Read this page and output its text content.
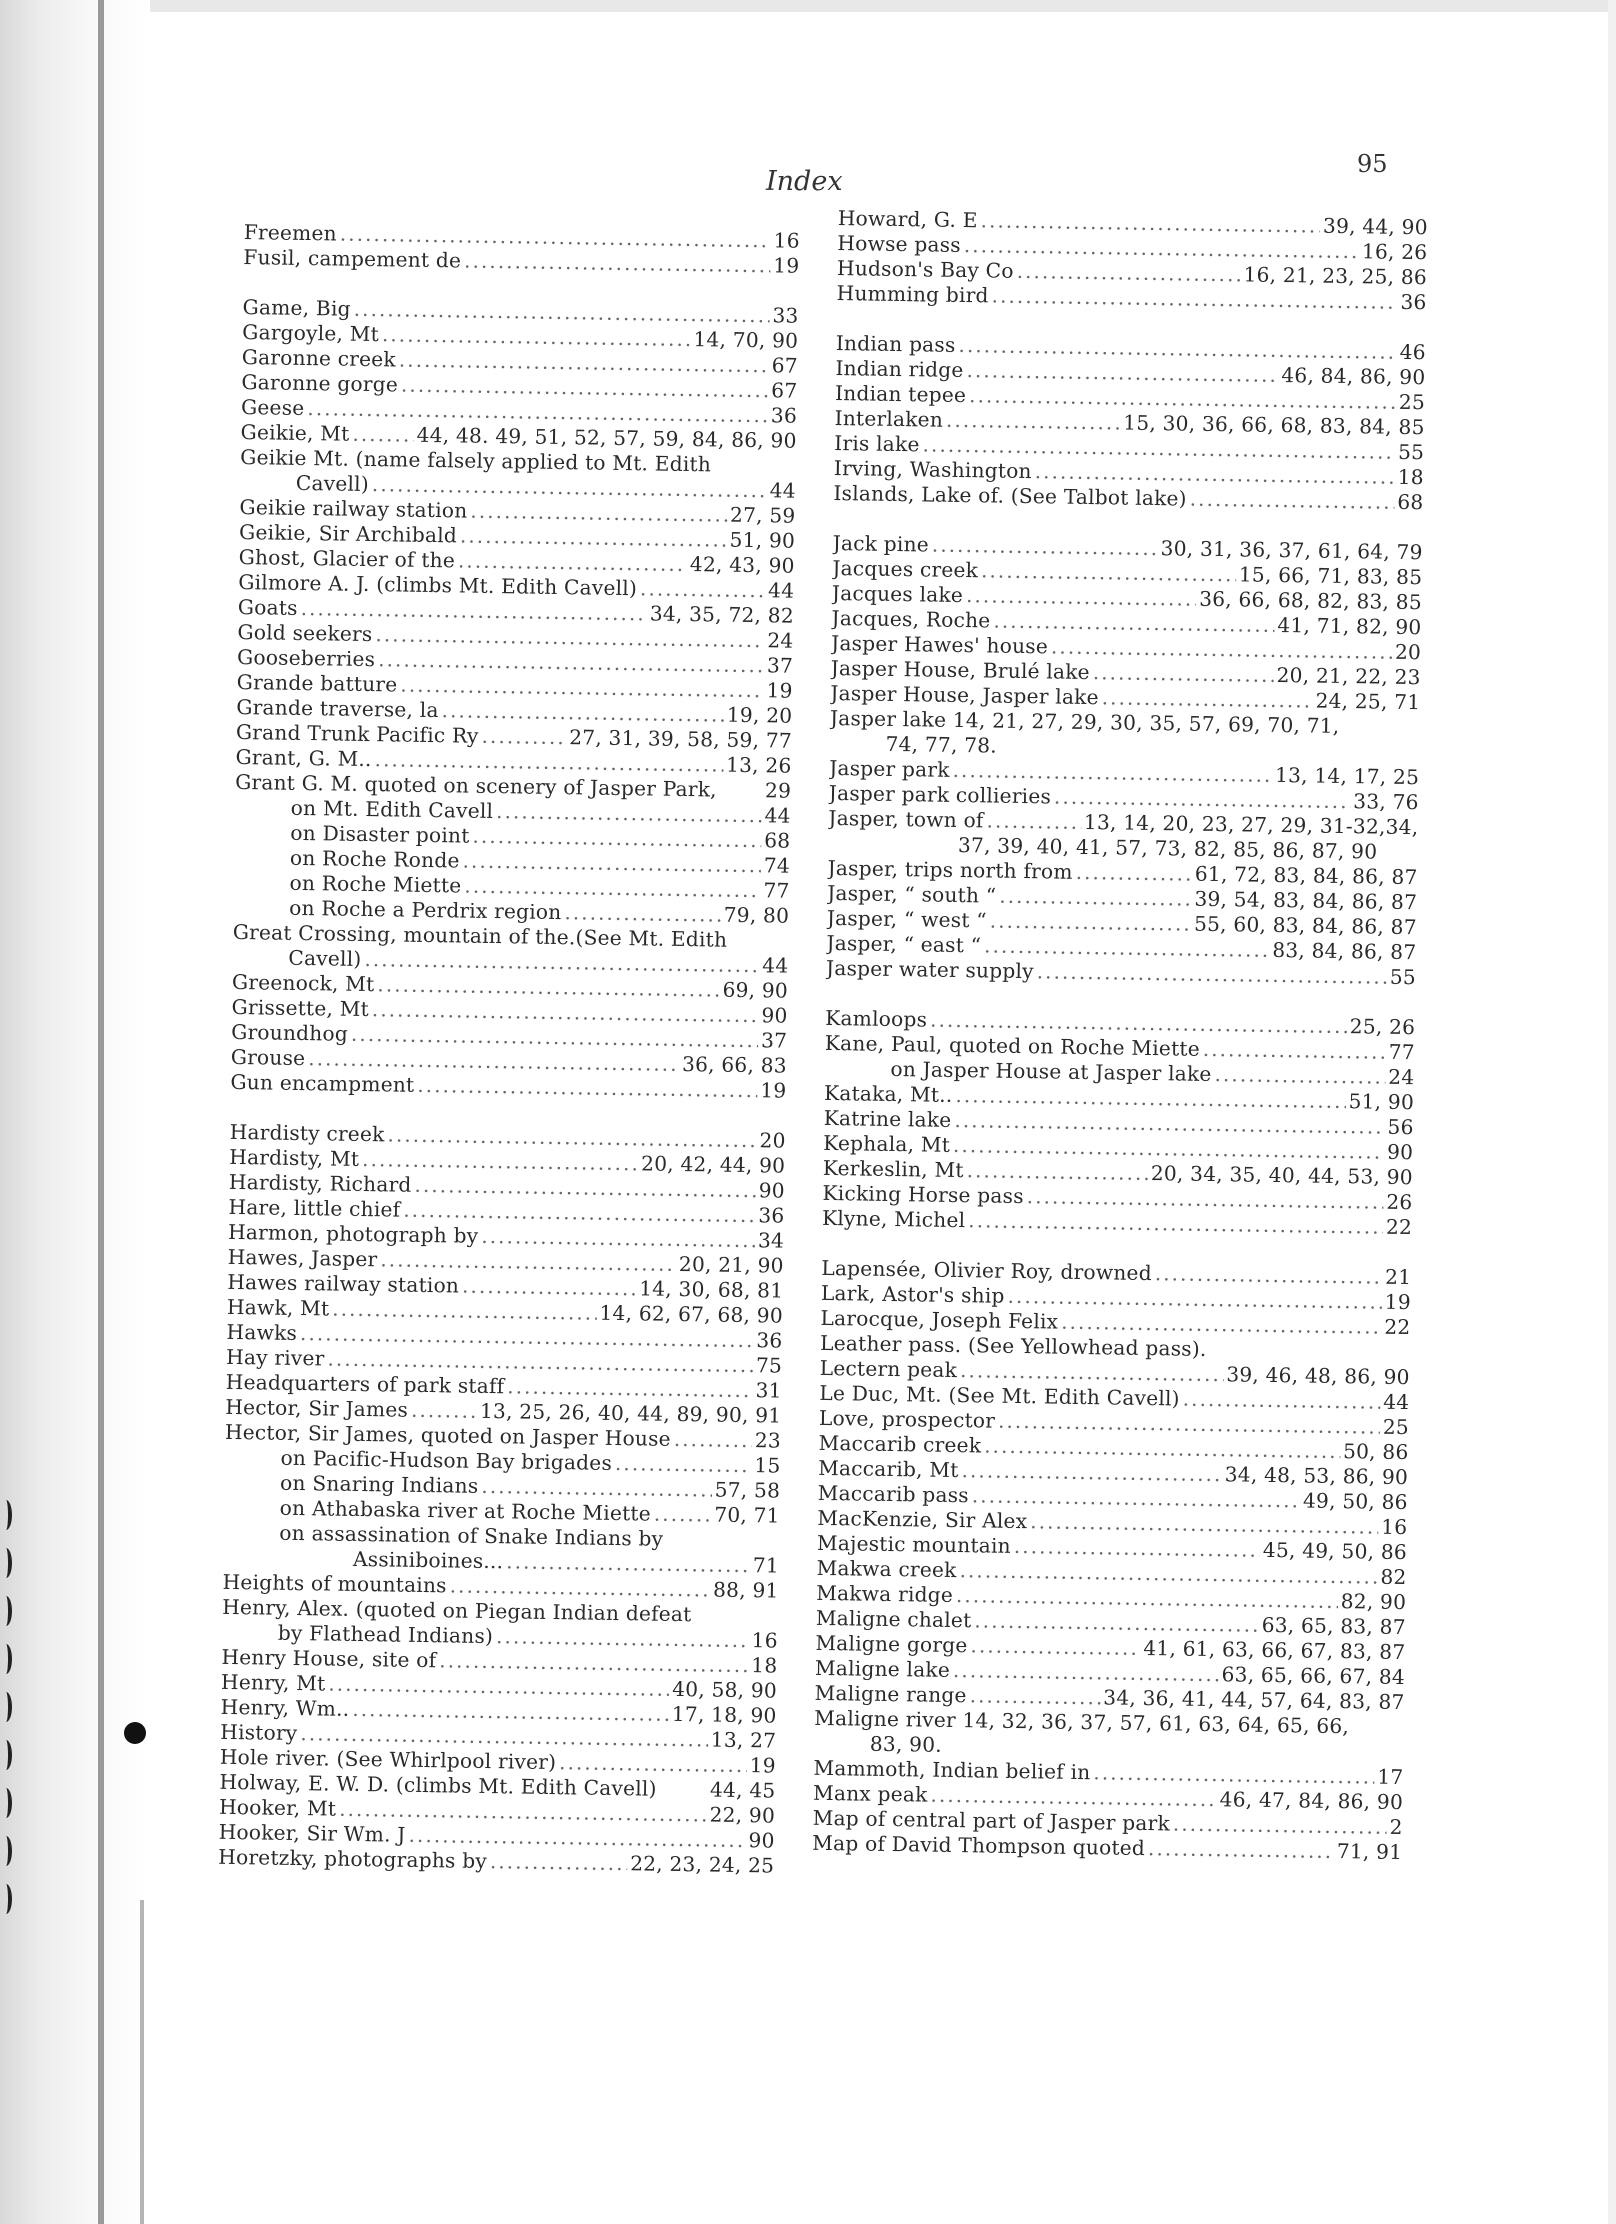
Index
95
Freemen .....	16
Fusil, campement de .....	19
Game, Big .....	33
Gargoyle, Mt .....	14, 70, 90
Garonne creek .....	67
Garonne gorge .....	67
Geese .....	36
Geikie, Mt .....	44, 48. 49, 51, 52, 57, 59, 84, 86, 90
Geikie Mt. (name falsely applied to Mt. Edith
Cavell) .....	44
Geikie railway station .....	27, 59
Geikie, Sir Archibald .....	51, 90
Ghost, Glacier of the .....	42, 43, 90
Gilmore A. J. (climbs Mt. Edith Cavell) .....	44
Goats .....	34, 35, 72, 82
Gold seekers .....	24
Gooseberries .....	37
Grande batture .....	19
Grande traverse, la .....	19, 20
Grand Trunk Pacific Ry .....	27, 31, 39, 58, 59, 77
Grant, G. M.. .....	13, 26
Grant G. M. quoted on scenery of Jasper Park, 29
on Mt. Edith Cavell .....	44
on Disaster point .....	68
on Roche Ronde .....	74
on Roche Miette .....	77
on Roche a Perdrix region .....	79, 80
Great Crossing, mountain of the.(See Mt. Edith
Cavell) .....	44
Greenock, Mt .....	69, 90
Grissette, Mt .....	90
Groundhog .....	37
Grouse .....	36, 66, 83
Gun encampment .....	19
Hardisty creek .....	20
Hardisty, Mt .....	20, 42, 44, 90
Hardisty, Richard .....	90
Hare, little chief .....	36
Harmon, photograph by .....	34
Hawes, Jasper .....	20, 21, 90
Hawes railway station .....	14, 30, 68, 81
Hawk, Mt .....	14, 62, 67, 68, 90
Hawks .....	36
Hay river .....	75
Headquarters of park staff .....	31
Hector, Sir James .....	13, 25, 26, 40, 44, 89, 90, 91
Hector, Sir James, quoted on Jasper House .....	23
on Pacific-Hudson Bay brigades .....	15
on Snaring Indians .....	57, 58
on Athabaska river at Roche Miette .....	70, 71
on assassination of Snake Indians by
Assiniboines... .....	71
Heights of mountains .....	88, 91
Henry, Alex. (quoted on Piegan Indian defeat
by Flathead Indians) .....	16
Henry House, site of .....	18
Henry, Mt .....	40, 58, 90
Henry, Wm.. .....	17, 18, 90
History .....	13, 27
Hole river. (See Whirlpool river) .....	19
Holway, E. W. D. (climbs Mt. Edith Cavell)	44, 45
Hooker, Mt .....	22, 90
Hooker, Sir Wm. J .....	90
Horetzky, photographs by .....	22, 23, 24, 25
Howard, G. E .....	39, 44, 90
Howse pass .....	16, 26
Hudson's Bay Co .....	16, 21, 23, 25, 86
Humming bird .....	36
Indian pass .....	46
Indian ridge .....	46, 84, 86, 90
Indian tepee .....	25
Interlaken .....	15, 30, 36, 66, 68, 83, 84, 85
Iris lake .....	55
Irving, Washington .....	18
Islands, Lake of. (See Talbot lake) .....	68
Jack pine .....	30, 31, 36, 37, 61, 64, 79
Jacques creek .....	15, 66, 71, 83, 85
Jacques lake .....	36, 66, 68, 82, 83, 85
Jacques, Roche .....	41, 71, 82, 90
Jasper Hawes' house .....	20
Jasper House, Brulé lake .....	20, 21, 22, 23
Jasper House, Jasper lake .....	24, 25, 71
Jasper lake 14, 21, 27, 29, 30, 35, 57, 69, 70, 71,
74, 77, 78.
Jasper park .....	13, 14, 17, 25
Jasper park collieries .....	33, 76
Jasper, town of .....	13, 14, 20, 23, 27, 29, 31-32,34,
37, 39, 40, 41, 57, 73, 82, 85, 86, 87, 90
Jasper, trips north from .....	61, 72, 83, 84, 86, 87
Jasper, “ south “ .....	39, 54, 83, 84, 86, 87
Jasper, “ west “ .....	55, 60, 83, 84, 86, 87
Jasper, “ east “ .....	83, 84, 86, 87
Jasper water supply .....	55
Kamloops .....	25, 26
Kane, Paul, quoted on Roche Miette .....	77
on Jasper House at Jasper lake .....	24
Kataka, Mt.. .....	51, 90
Katrine lake .....	56
Kephala, Mt .....	90
Kerkeslin, Mt .....	20, 34, 35, 40, 44, 53, 90
Kicking Horse pass .....	26
Klyne, Michel .....	22
Lapensée, Olivier Roy, drowned .....	21
Lark, Astor's ship .....	19
Larocque, Joseph Felix .....	22
Leather pass. (See Yellowhead pass).
Lectern peak .....	39, 46, 48, 86, 90
Le Duc, Mt. (See Mt. Edith Cavell) .....	44
Love, prospector .....	25
Maccarib creek .....	50, 86
Maccarib, Mt .....	34, 48, 53, 86, 90
Maccarib pass .....	49, 50, 86
MacKenzie, Sir Alex .....	16
Majestic mountain .....	45, 49, 50, 86
Makwa creek .....	82
Makwa ridge .....	82, 90
Maligne chalet .....	63, 65, 83, 87
Maligne gorge .....	41, 61, 63, 66, 67, 83, 87
Maligne lake .....	63, 65, 66, 67, 84
Maligne range .....	34, 36, 41, 44, 57, 64, 83, 87
Maligne river 14, 32, 36, 37, 57, 61, 63, 64, 65, 66,
83, 90.
Mammoth, Indian belief in .....	17
Manx peak .....	46, 47, 84, 86, 90
Map of central part of Jasper park .....	2
Map of David Thompson quoted .....	71, 91
